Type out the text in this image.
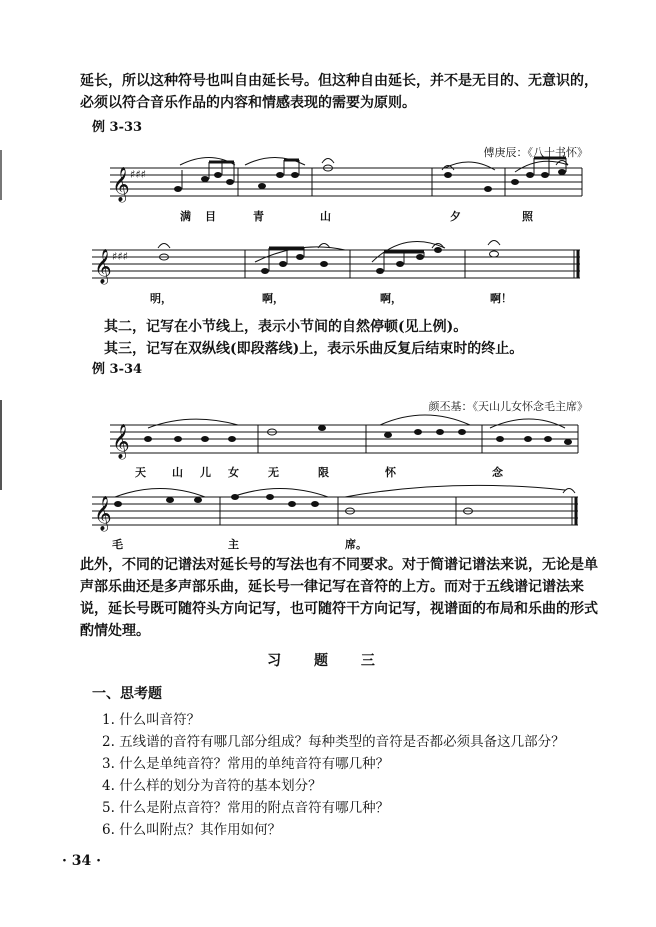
延长，所以这种符号也叫自由延长号。但这种自由延长，并不是无目的、无意识的，必须以符合音乐作品的内容和情感表现的需要为原则。

例 3-33

傅庚辰：《八十书怀》

𝄞 ♯♯♯
𝄞 ♯♯♯
满 目	青	山	夕	照
明，	啊，	啊，	啊！

其二，记写在小节线上，表示小节间的自然停顿(见上例)。

其三，记写在双纵线(即段落线)上，表示乐曲反复后结束时的终止。

例 3-34

颜丕基：《天山儿女怀念毛主席》

𝄞
𝄞
天 山 儿 女	无	限	怀	念
毛	主	席。

此外，不同的记谱法对延长号的写法也有不同要求。对于简谱记谱法来说，无论是单声部乐曲还是多声部乐曲，延长号一律记写在音符的上方。而对于五线谱记谱法来说，延长号既可随符头方向记写，也可随符干方向记写，视谱面的布局和乐曲的形式酌情处理。

习 题 三

一、思考题

1. 什么叫音符？

2. 五线谱的音符有哪几部分组成？每种类型的音符是否都必须具备这几部分？

3. 什么是单纯音符？常用的单纯音符有哪几种？

4. 什么样的划分为音符的基本划分？

5. 什么是附点音符？常用的附点音符有哪几种？

6. 什么叫附点？其作用如何？

· 34 ·
